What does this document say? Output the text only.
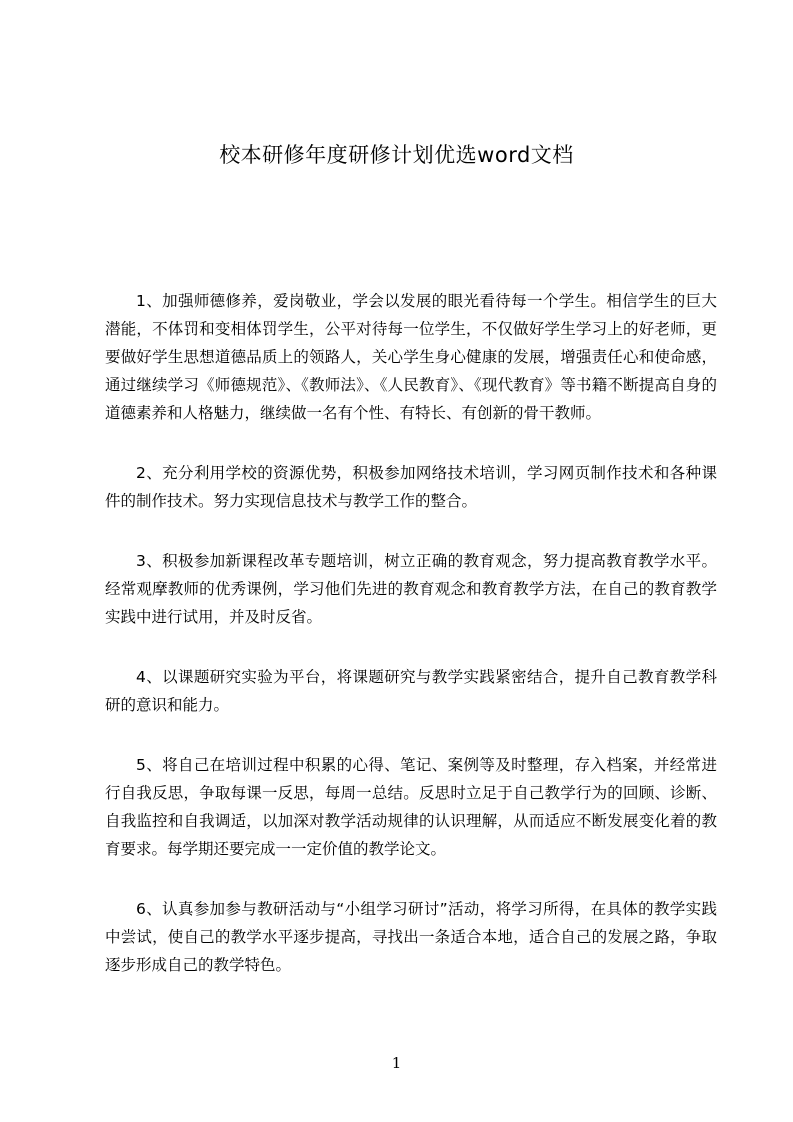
校本研修年度研修计划优选word文档

1、加强师德修养，爱岗敬业，学会以发展的眼光看待每一个学生。相信学生的巨大潜能，不体罚和变相体罚学生，公平对待每一位学生，不仅做好学生学习上的好老师，更要做好学生思想道德品质上的领路人，关心学生身心健康的发展，增强责任心和使命感，通过继续学习《师德规范》、《教师法》、《人民教育》、《现代教育》等书籍不断提高自身的道德素养和人格魅力，继续做一名有个性、有特长、有创新的骨干教师。

2、充分利用学校的资源优势，积极参加网络技术培训，学习网页制作技术和各种课件的制作技术。努力实现信息技术与教学工作的整合。

3、积极参加新课程改革专题培训，树立正确的教育观念，努力提高教育教学水平。经常观摩教师的优秀课例，学习他们先进的教育观念和教育教学方法，在自己的教育教学实践中进行试用，并及时反省。

4、以课题研究实验为平台，将课题研究与教学实践紧密结合，提升自己教育教学科研的意识和能力。

5、将自己在培训过程中积累的心得、笔记、案例等及时整理，存入档案，并经常进行自我反思，争取每课一反思，每周一总结。反思时立足于自己教学行为的回顾、诊断、自我监控和自我调适，以加深对教学活动规律的认识理解，从而适应不断发展变化着的教育要求。每学期还要完成一一定价值的教学论文。

6、认真参加参与教研活动与“小组学习研讨”活动，将学习所得，在具体的教学实践中尝试，使自己的教学水平逐步提高，寻找出一条适合本地，适合自己的发展之路，争取逐步形成自己的教学特色。

1
